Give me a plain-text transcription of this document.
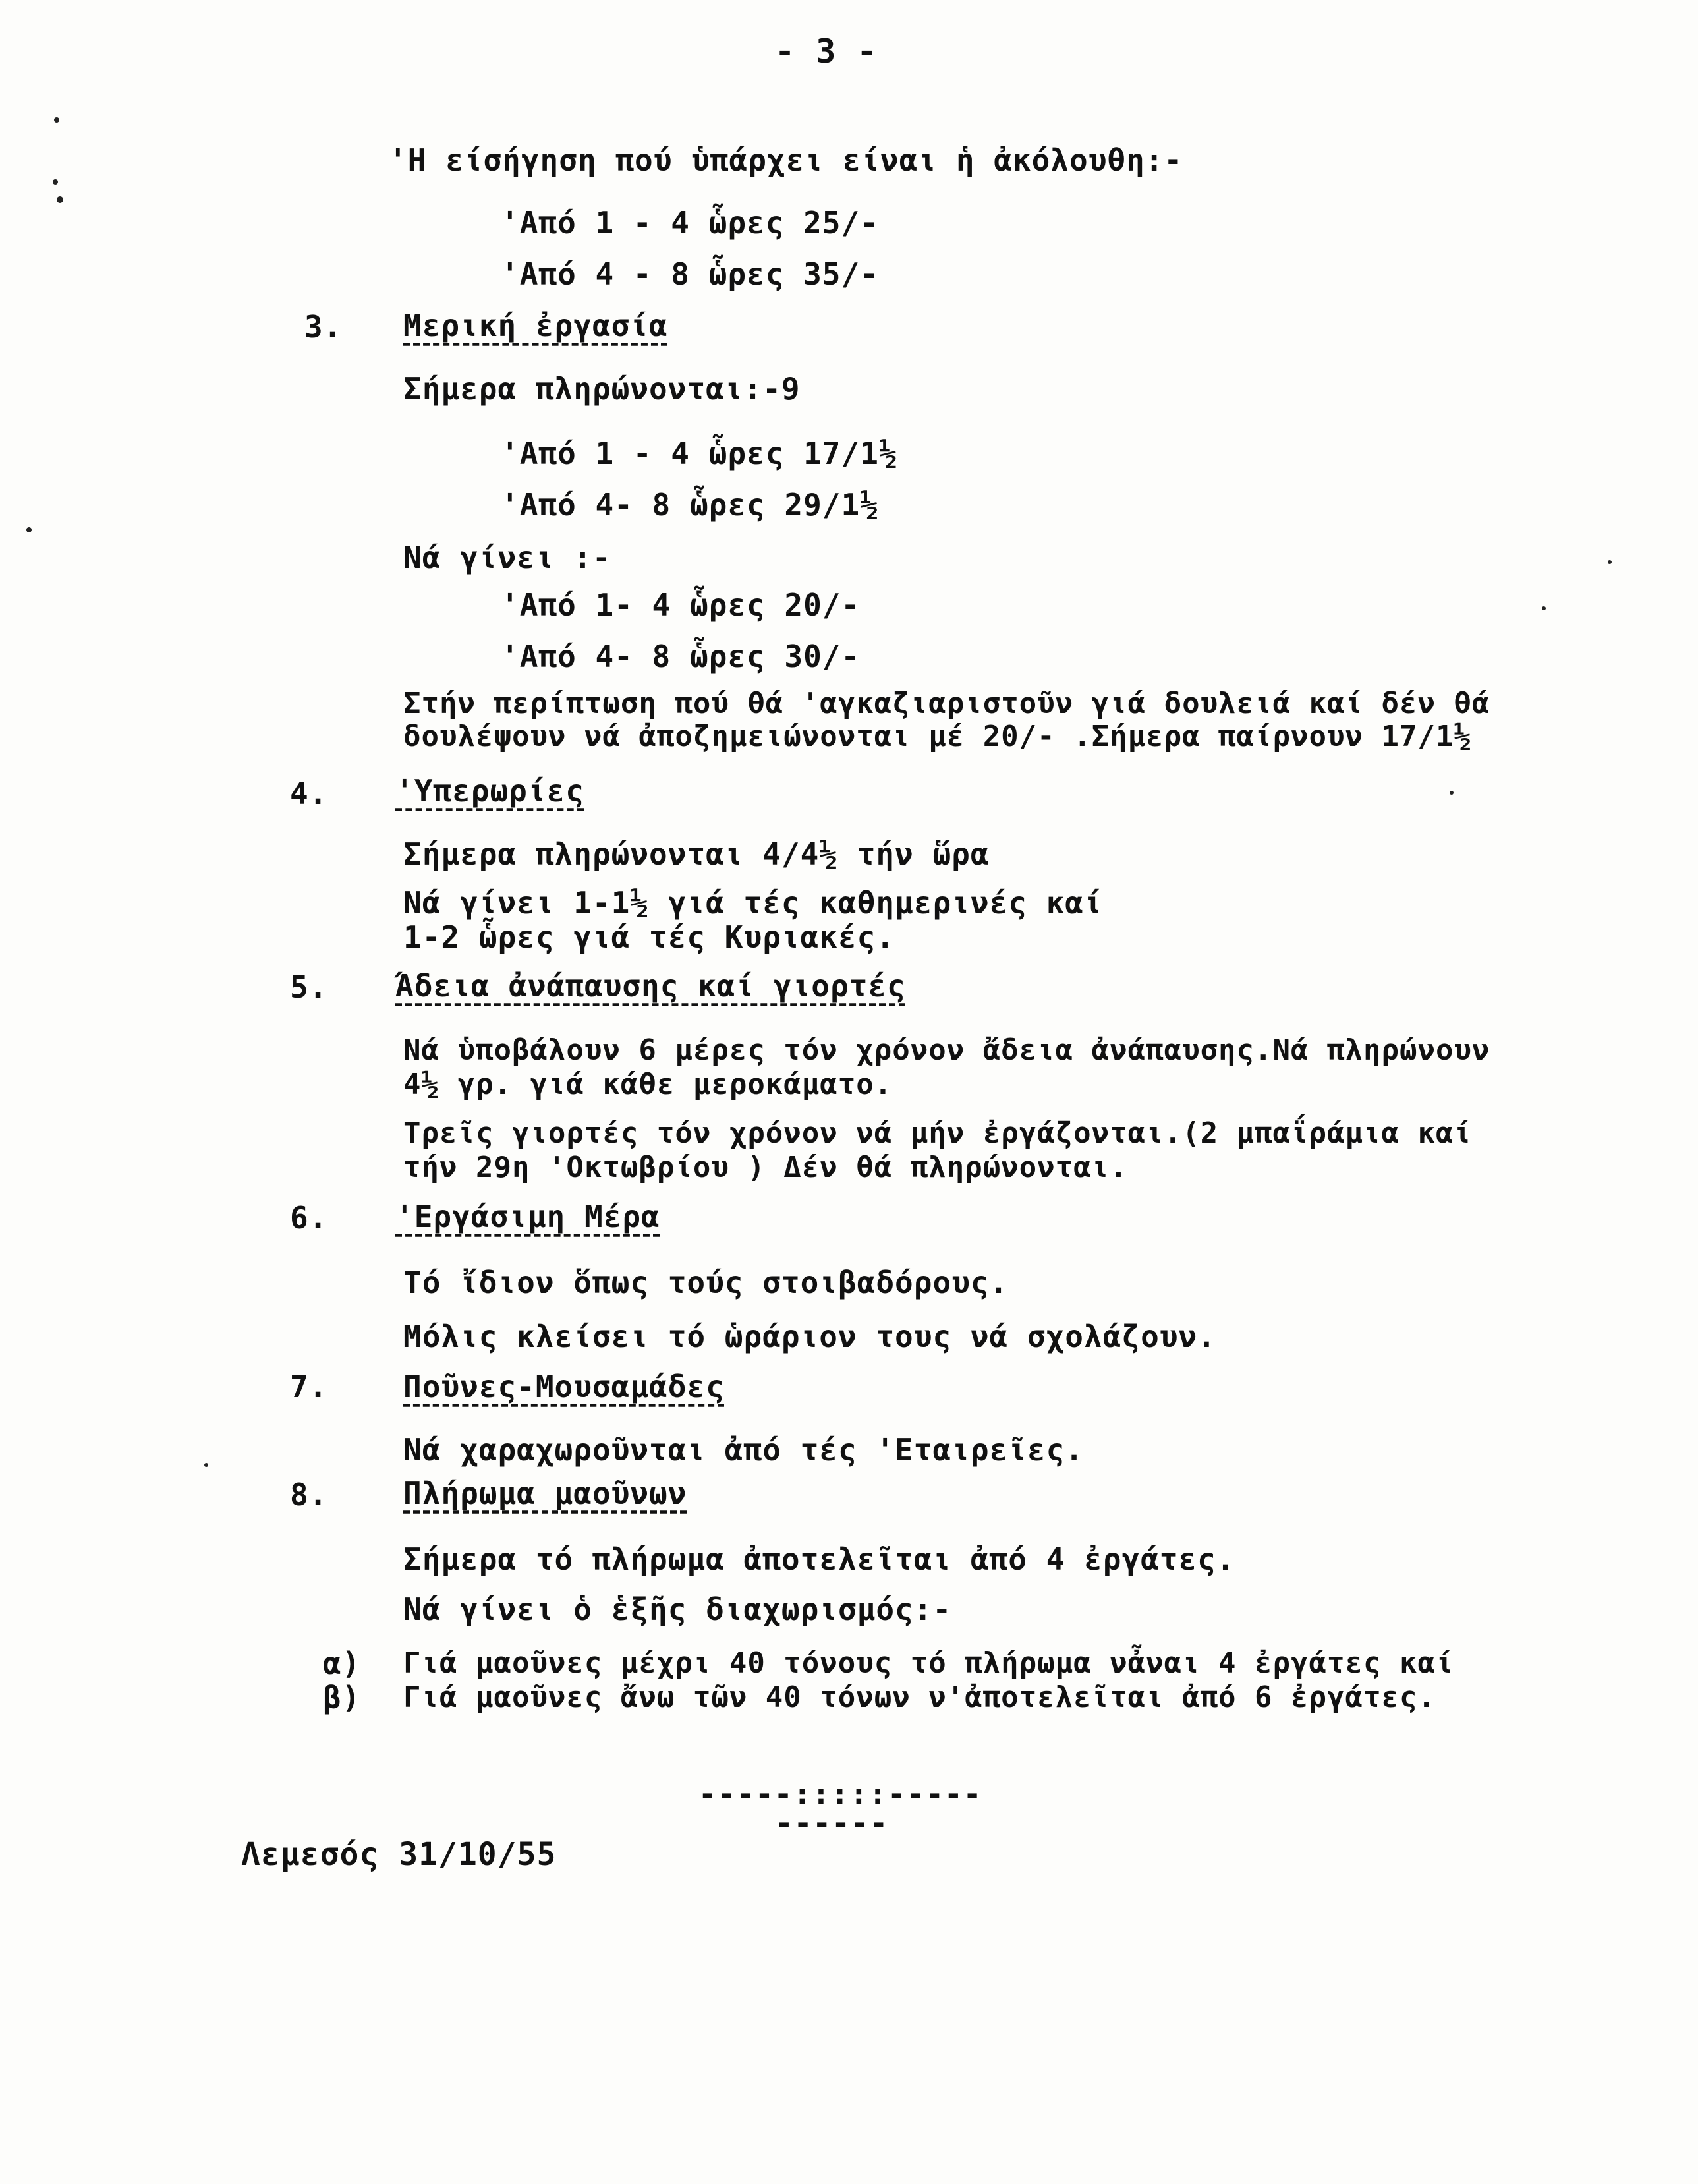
- 3 -
'Η είσήγηση πού ὑπάρχει είναι ἡ ἀκόλουθη:-
'Από 1 - 4 ὧρες 25/-
'Από 4 - 8 ὧρες 35/-
3. Μερική ἐργασία
Σήμερα πληρώνονται:-9
'Από 1 - 4 ὧρες 17/1½
'Από 4- 8 ὧρες 29/1½
Νά γίνει :-
'Από 1- 4 ὧρες 20/-
'Από 4- 8 ὧρες 30/-
Στήν περίπτωση πού θά 'αγκαζιαριστοῦν γιά δουλειά καί δέν θά
δουλέψουν νά ἀποζημειώνονται μέ 20/- .Σήμερα παίρνουν 17/1½
4. 'Υπερωρίες
Σήμερα πληρώνονται 4/4½ τήν ὥρα
Νά γίνει 1-1½ γιά τές καθημερινές καί
1-2 ὧρες γιά τές Κυριακές.
5. Άδεια ἀνάπαυσης καί γιορτές
Νά ὑποβάλουν 6 μέρες τόν χρόνον ἄδεια ἀνάπαυσης.Νά πληρώνουν
4½ γρ. γιά κάθε μεροκάματο.
Τρεῖς γιορτές τόν χρόνον νά μήν ἐργάζονται.(2 μπαΐράμια καί
τήν 29η 'Οκτωβρίου ) Δέν θά πληρώνονται.
6. 'Εργάσιμη Μέρα
Τό ἴδιον ὅπως τούς στοιβαδόρους.
Μόλις κλείσει τό ὡράριον τους νά σχολάζουν.
7. Ποῦνες-Μουσαμάδες
Νά χαραχωροῦνται ἀπό τές 'Εταιρεῖες.
8. Πλήρωμα μαοῦνων
Σήμερα τό πλήρωμα ἀποτελεῖται ἀπό 4 ἐργάτες.
Νά γίνει ὁ ἑξῆς διαχωρισμός:-
α) Γιά μαοῦνες μέχρι 40 τόνους τό πλήρωμα νἆναι 4 ἐργάτες καί
β) Γιά μαοῦνες ἄνω τῶν 40 τόνων ν'ἀποτελεῖται ἀπό 6 ἐργάτες.
-----:::::-----
------
Λεμεσός 31/10/55
